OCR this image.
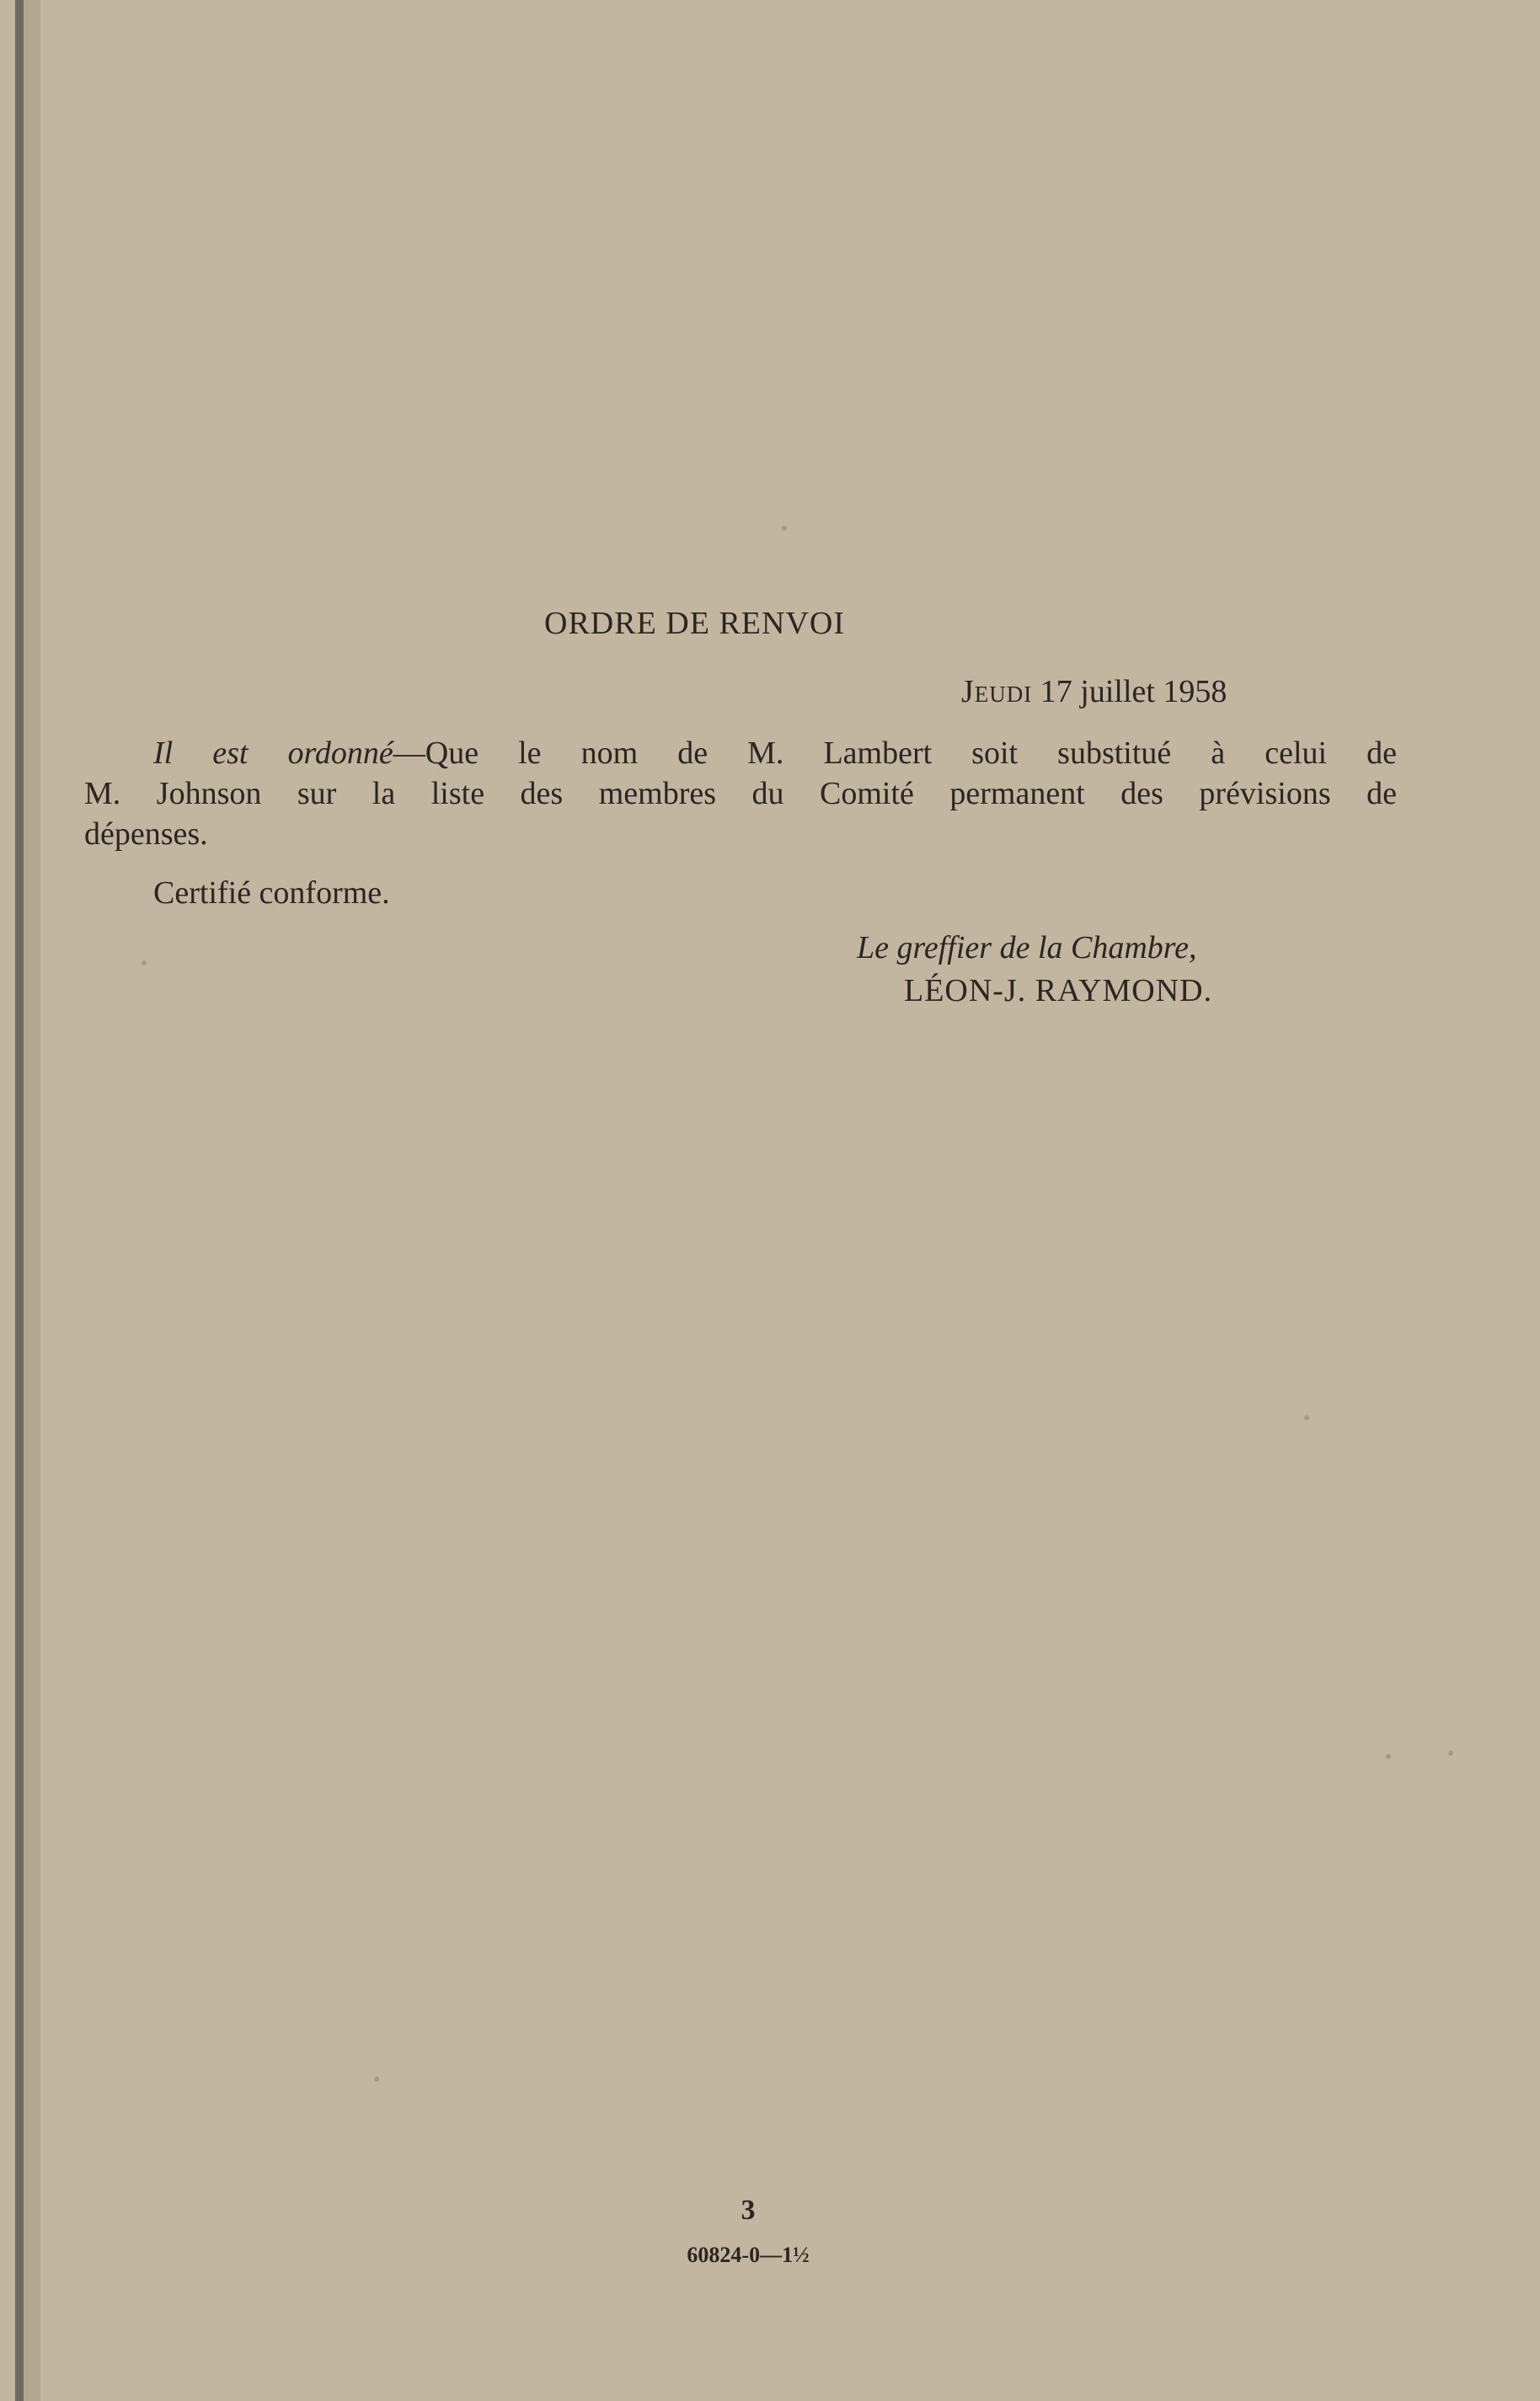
ORDRE DE RENVOI
Jeudi 17 juillet 1958
Il est ordonné—Que le nom de M. Lambert soit substitué à celui de
M. Johnson sur la liste des membres du Comité permanent des prévisions de
dépenses.
Certifié conforme.
Le greffier de la Chambre,
LÉON-J. RAYMOND.
3
60824-0—1½
